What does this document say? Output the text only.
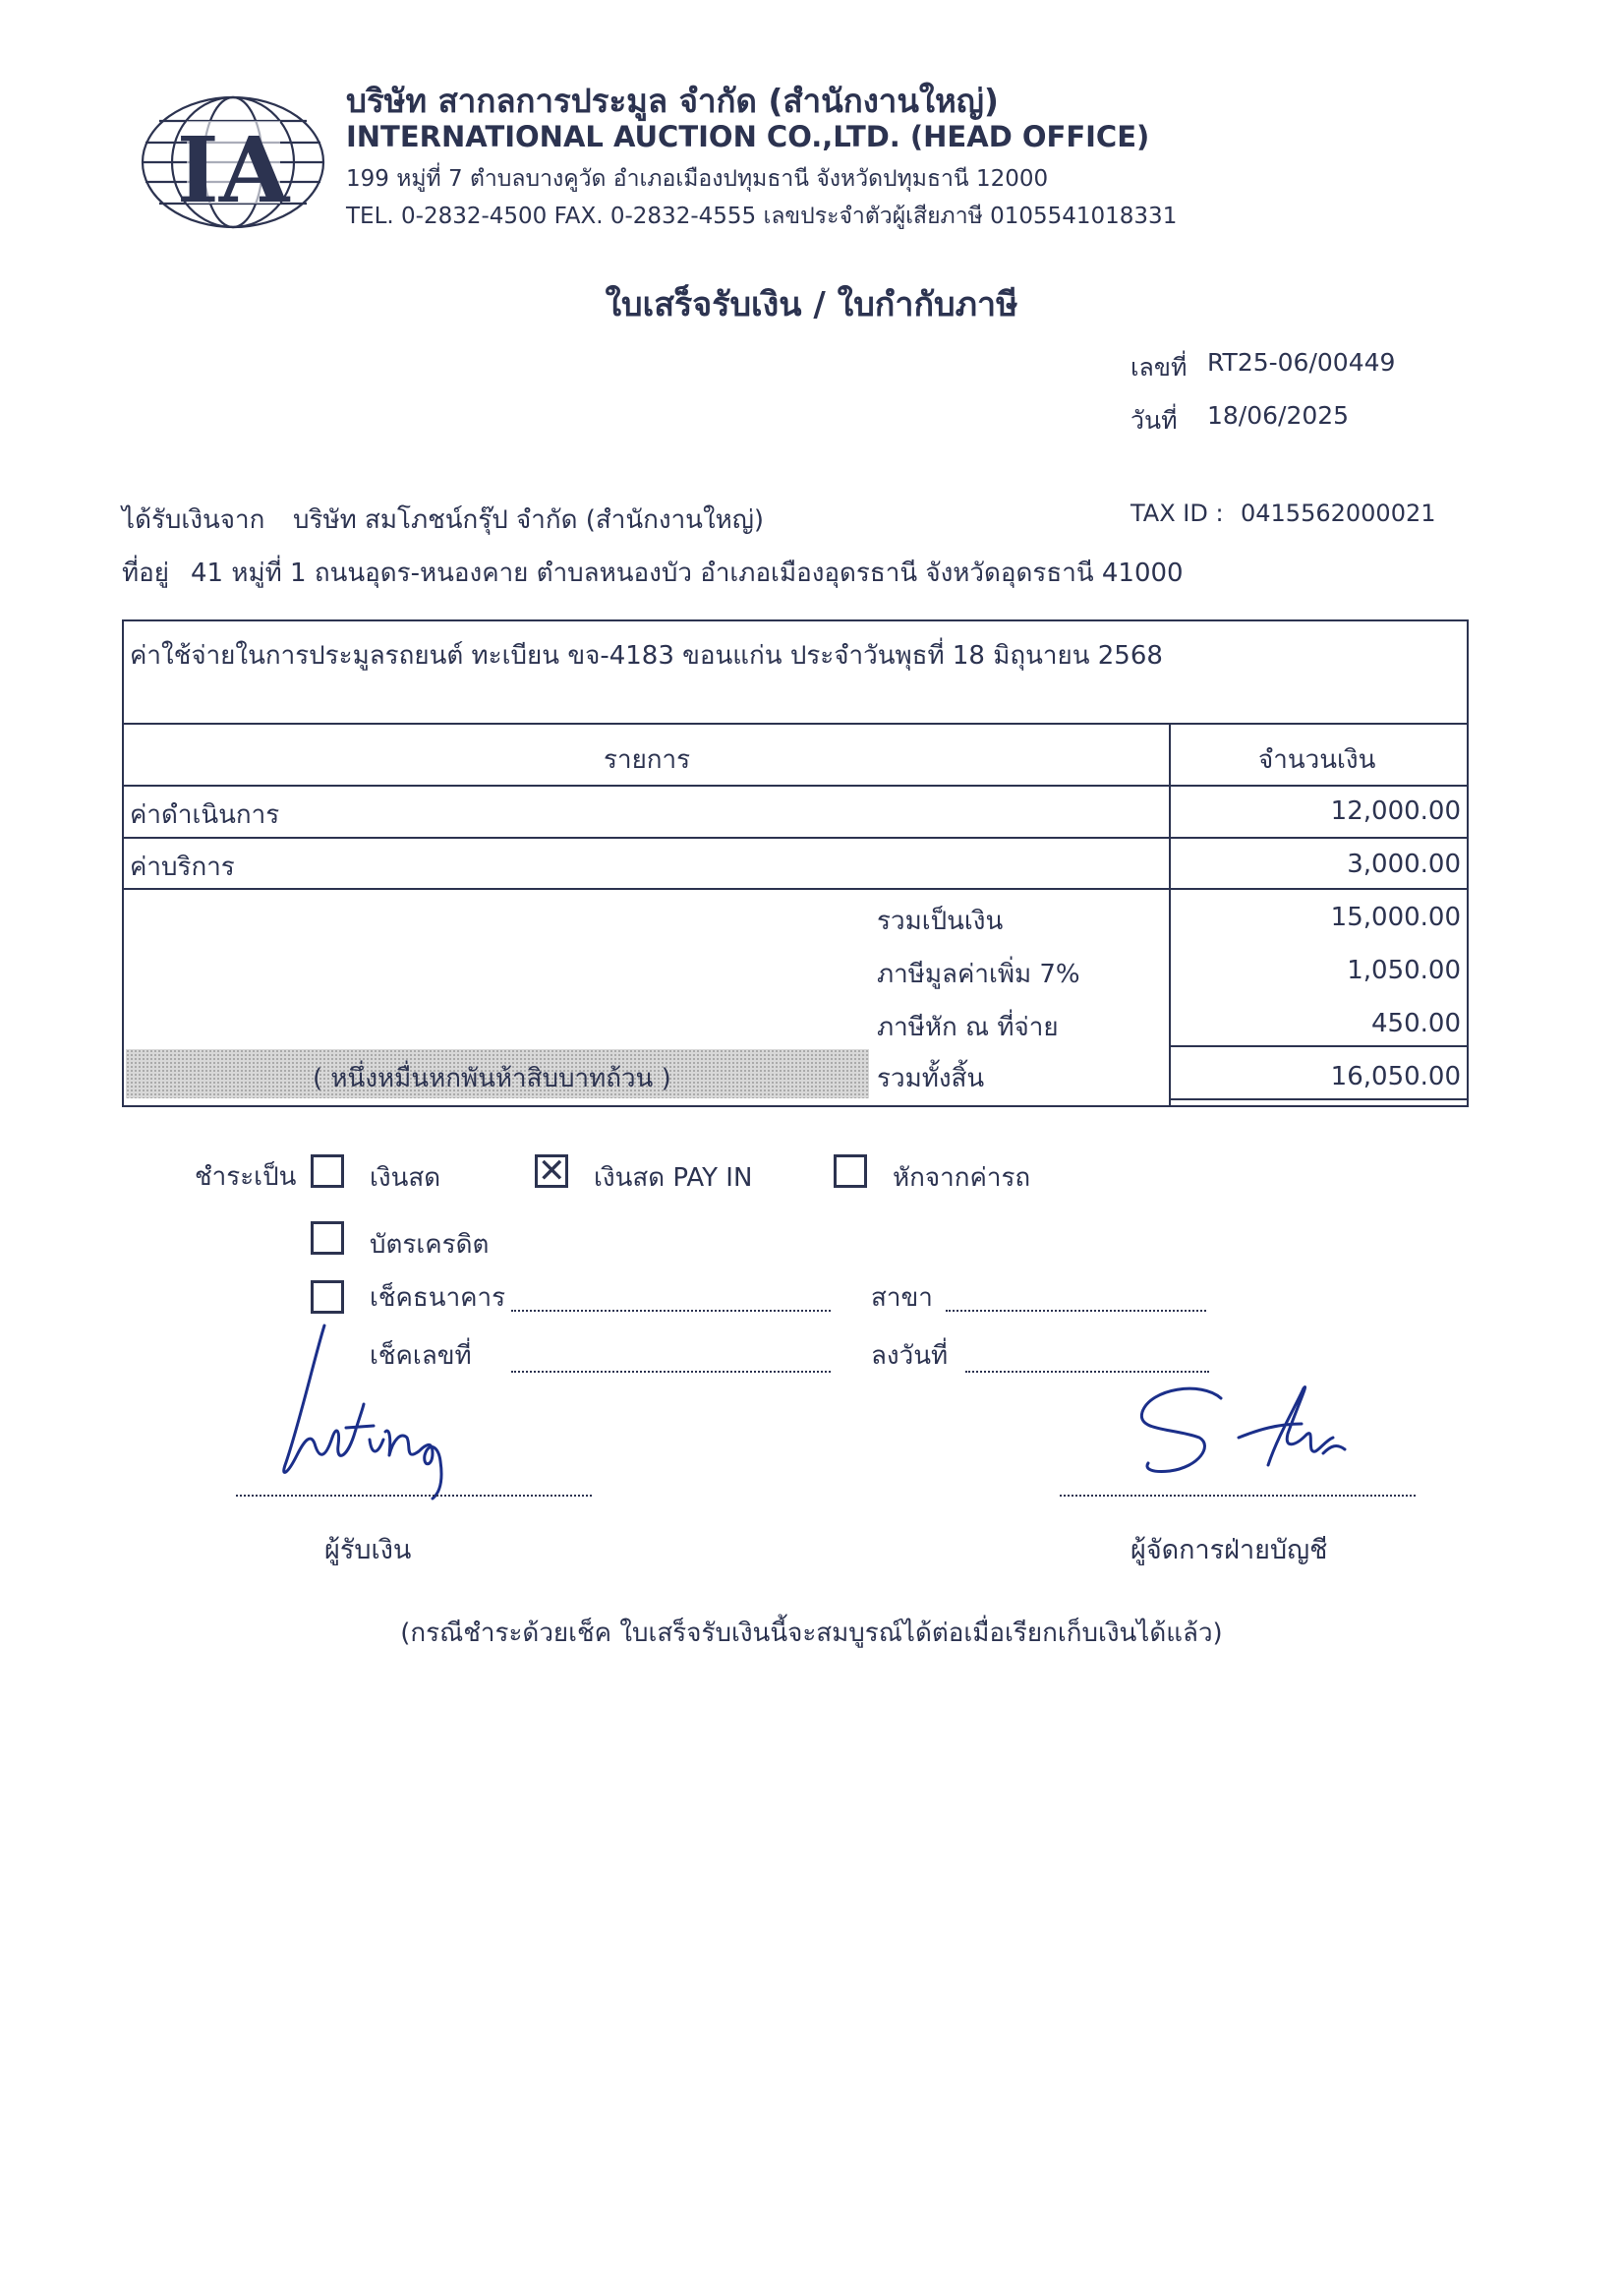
IA
บริษัท สากลการประมูล จำกัด (สำนักงานใหญ่)
INTERNATIONAL AUCTION CO.,LTD. (HEAD OFFICE)
199 หมู่ที่ 7 ตำบลบางคูวัด อำเภอเมืองปทุมธานี จังหวัดปทุมธานี 12000
TEL. 0-2832-4500 FAX. 0-2832-4555 เลขประจำตัวผู้เสียภาษี 0105541018331
ใบเสร็จรับเงิน / ใบกำกับภาษี
เลขที่ RT25-06/00449
วันที่ 18/06/2025
ได้รับเงินจาก บริษัท สมโภชน์กรุ๊ป จำกัด (สำนักงานใหญ่)	TAX ID : 0415562000021
ที่อยู่ 41 หมู่ที่ 1 ถนนอุดร-หนองคาย ตำบลหนองบัว อำเภอเมืองอุดรธานี จังหวัดอุดรธานี 41000
ค่าใช้จ่ายในการประมูลรถยนต์ ทะเบียน ขจ-4183 ขอนแก่น ประจำวันพุธที่ 18 มิถุนายน 2568
รายการ	จำนวนเงิน
ค่าดำเนินการ	12,000.00
ค่าบริการ	3,000.00
รวมเป็นเงิน	15,000.00
ภาษีมูลค่าเพิ่ม 7%	1,050.00
ภาษีหัก ณ ที่จ่าย	450.00
( หนึ่งหมื่นหกพันห้าสิบบาทถ้วน )	รวมทั้งสิ้น	16,050.00
ชำระเป็น	เงินสด	✕ เงินสด PAY IN	หักจากค่ารถ
บัตรเครดิต
เช็คธนาคาร	สาขา
เช็คเลขที่	ลงวันที่
ผู้รับเงิน	ผู้จัดการฝ่ายบัญชี
(กรณีชำระด้วยเช็ค ใบเสร็จรับเงินนี้จะสมบูรณ์ได้ต่อเมื่อเรียกเก็บเงินได้แล้ว)
